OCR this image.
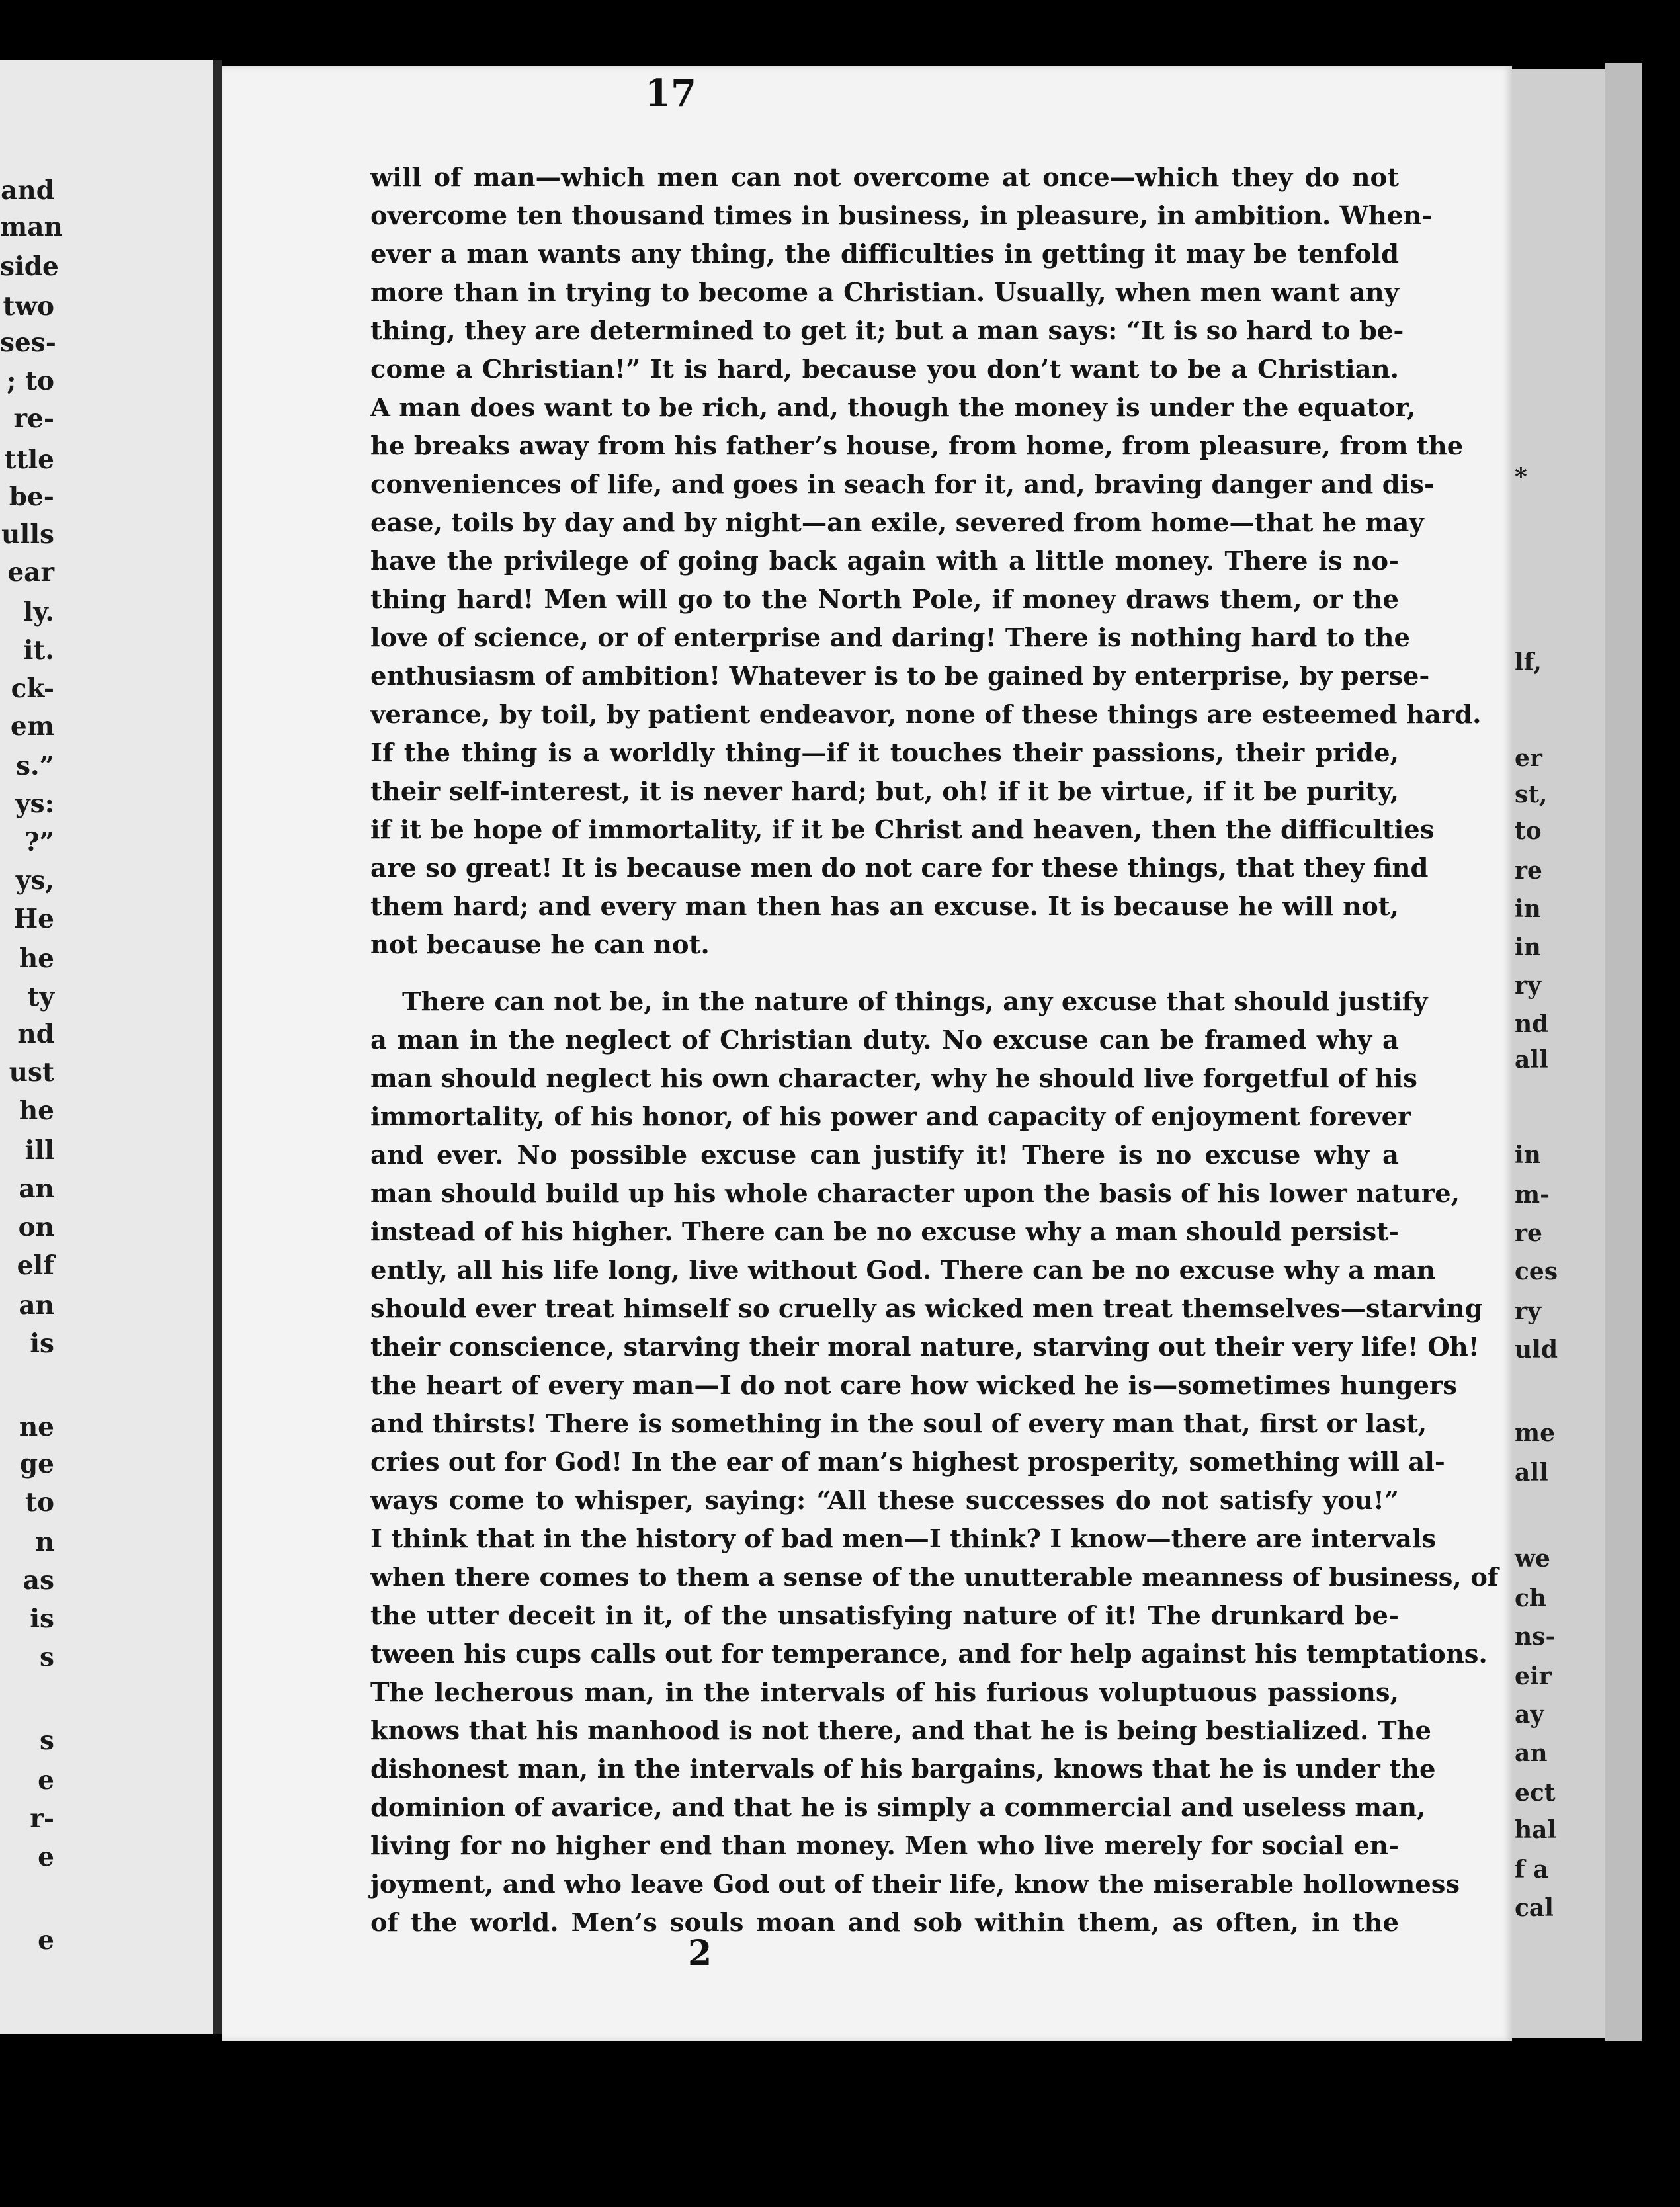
and
man
side
two
ses-
; to
re-
ttle
be-
ulls
ear
ly.
it.
ck-
em
s.”
ys:
?”
ys,
He
he
ty
nd
ust
he
ill
an
on
elf
an
is
ne
ge
to
n
as
is
s
s
e
r-
e
e
17
will of man—which men can not overcome at once—which they do not
overcome ten thousand times in business, in pleasure, in ambition. When-
ever a man wants any thing, the difficulties in getting it may be tenfold
more than in trying to become a Christian. Usually, when men want any
thing, they are determined to get it; but a man says: “It is so hard to be-
come a Christian!” It is hard, because you don’t want to be a Christian.
A man does want to be rich, and, though the money is under the equator,
he breaks away from his father’s house, from home, from pleasure, from the
conveniences of life, and goes in seach for it, and, braving danger and dis-
ease, toils by day and by night—an exile, severed from home—that he may
have the privilege of going back again with a little money. There is no-
thing hard! Men will go to the North Pole, if money draws them, or the
love of science, or of enterprise and daring! There is nothing hard to the
enthusiasm of ambition! Whatever is to be gained by enterprise, by perse-
verance, by toil, by patient endeavor, none of these things are esteemed hard.
If the thing is a worldly thing—if it touches their passions, their pride,
their self-interest, it is never hard; but, oh! if it be virtue, if it be purity,
if it be hope of immortality, if it be Christ and heaven, then the difficulties
are so great! It is because men do not care for these things, that they find
them hard; and every man then has an excuse. It is because he will not,
not because he can not.
There can not be, in the nature of things, any excuse that should justify
a man in the neglect of Christian duty. No excuse can be framed why a
man should neglect his own character, why he should live forgetful of his
immortality, of his honor, of his power and capacity of enjoyment forever
and ever. No possible excuse can justify it! There is no excuse why a
man should build up his whole character upon the basis of his lower nature,
instead of his higher. There can be no excuse why a man should persist-
ently, all his life long, live without God. There can be no excuse why a man
should ever treat himself so cruelly as wicked men treat themselves—starving
their conscience, starving their moral nature, starving out their very life! Oh!
the heart of every man—I do not care how wicked he is—sometimes hungers
and thirsts! There is something in the soul of every man that, first or last,
cries out for God! In the ear of man’s highest prosperity, something will al-
ways come to whisper, saying: “All these successes do not satisfy you!”
I think that in the history of bad men—I think? I know—there are intervals
when there comes to them a sense of the unutterable meanness of business, of
the utter deceit in it, of the unsatisfying nature of it! The drunkard be-
tween his cups calls out for temperance, and for help against his temptations.
The lecherous man, in the intervals of his furious voluptuous passions,
knows that his manhood is not there, and that he is being bestialized. The
dishonest man, in the intervals of his bargains, knows that he is under the
dominion of avarice, and that he is simply a commercial and useless man,
living for no higher end than money. Men who live merely for social en-
joyment, and who leave God out of their life, know the miserable hollowness
of the world. Men’s souls moan and sob within them, as often, in the
2
*
lf,
er
st,
to
re
in
in
ry
nd
all
in
m-
re
ces
ry
uld
me
all
we
ch
ns-
eir
ay
an
ect
hal
f a
cal
